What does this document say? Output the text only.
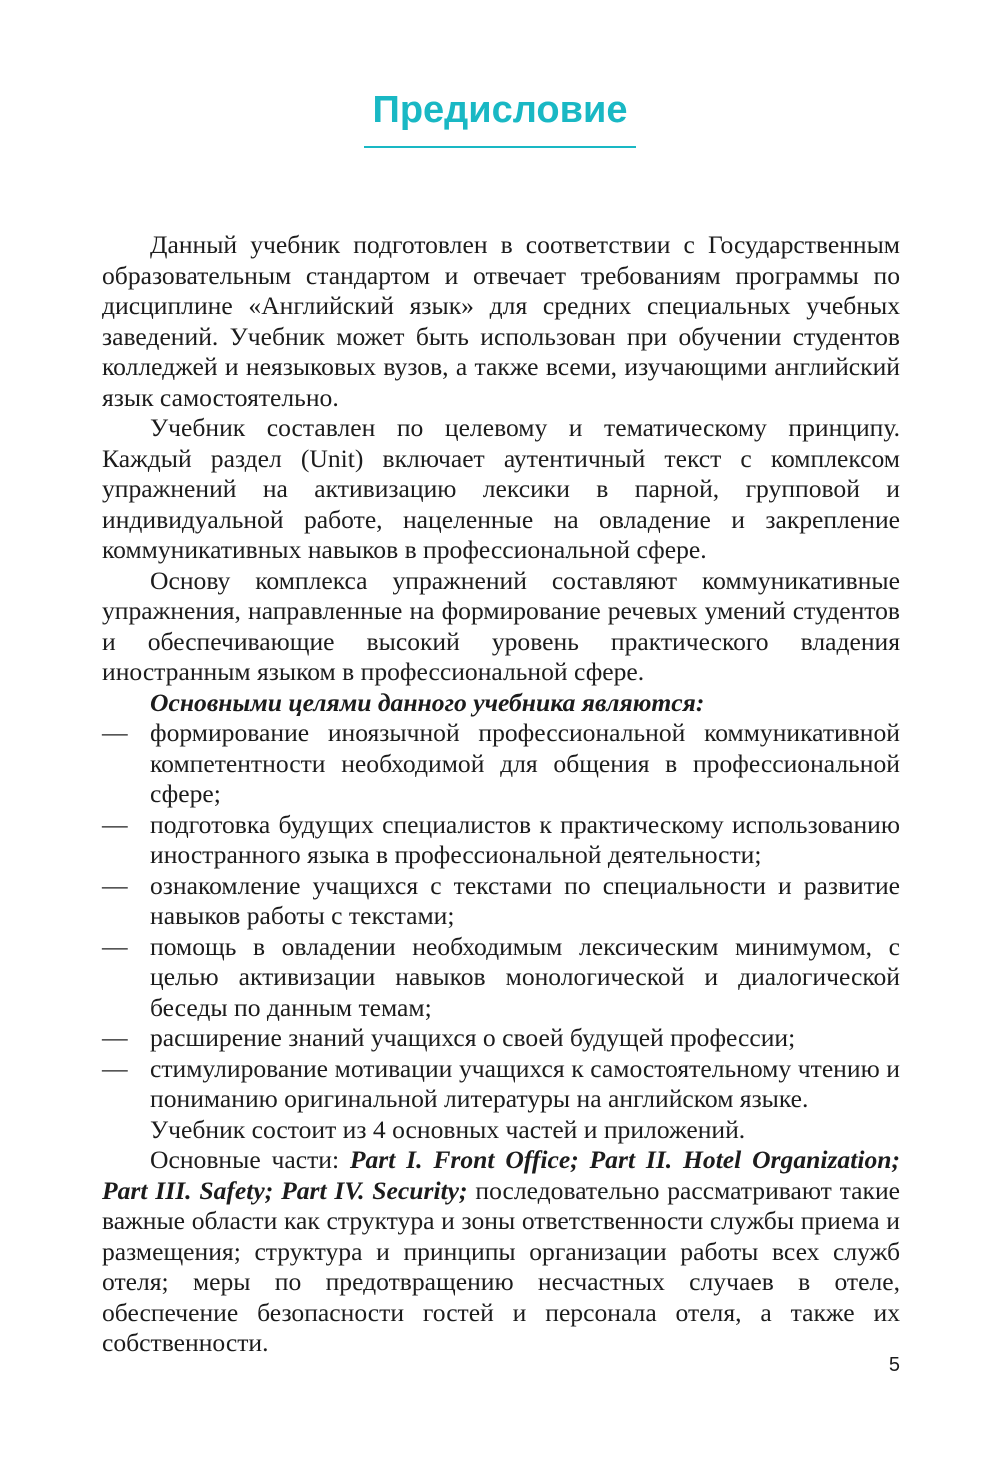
Предисловие

Данный учебник подготовлен в соответствии с Государственным образовательным стандартом и отвечает требованиям программы по дисциплине «Английский язык» для средних специальных учебных заведений. Учебник может быть использован при обучении студентов колледжей и неязыковых вузов, а также всеми, изучающими английский язык самостоятельно.

Учебник составлен по целевому и тематическому принципу. Каждый раздел (Unit) включает аутентичный текст с комплексом упражнений на активизацию лексики в парной, групповой и индивидуальной работе, нацеленные на овладение и закрепление коммуникативных навыков в профессиональной сфере.

Основу комплекса упражнений составляют коммуникативные упражнения, направленные на формирование речевых умений студентов и обеспечивающие высокий уровень практического владения иностранным языком в профессиональной сфере.

Основными целями данного учебника являются:

— формирование иноязычной профессиональной коммуникативной компетентности необходимой для общения в профессиональной сфере;
— подготовка будущих специалистов к практическому использованию иностранного языка в профессиональной деятельности;
— ознакомление учащихся с текстами по специальности и развитие навыков работы с текстами;
— помощь в овладении необходимым лексическим минимумом, с целью активизации навыков монологической и диалогической беседы по данным темам;
— расширение знаний учащихся о своей будущей профессии;
— стимулирование мотивации учащихся к самостоятельному чтению и пониманию оригинальной литературы на английском языке.

Учебник состоит из 4 основных частей и приложений.

Основные части: Part I. Front Office; Part II. Hotel Organization; Part III. Safety; Part IV. Security; последовательно рассматривают такие важные области как структура и зоны ответственности службы приема и размещения; структура и принципы организации работы всех служб отеля; меры по предотвращению несчастных случаев в отеле, обеспечение безопасности гостей и персонала отеля, а также их собственности.

5
